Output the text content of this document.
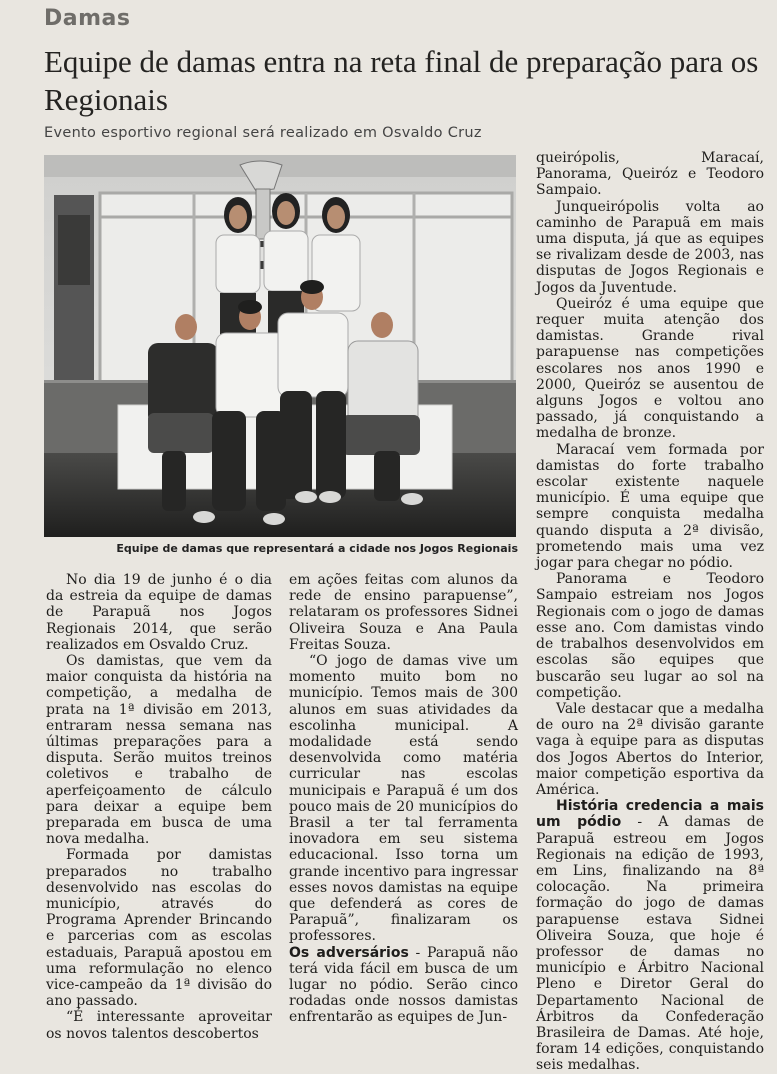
Damas
Equipe de damas entra na reta final de preparação para os Regionais
Evento esportivo regional será realizado em Osvaldo Cruz
Equipe de damas que representará a cidade nos Jogos Regionais

No dia 19 de junho é o dia da estreia da equipe de damas de Parapuã nos Jogos Regionais 2014, que serão realizados em Osvaldo Cruz.

Os damistas, que vem da maior conquista da história na competição, a medalha de prata na 1ª divisão em 2013, entraram nessa semana nas últimas preparações para a disputa. Serão muitos treinos coletivos e trabalho de aperfeiçoamento de cálculo para deixar a equipe bem preparada em busca de uma nova medalha.

Formada por damistas preparados no trabalho desenvolvido nas escolas do município, através do Programa Aprender Brincando e parcerias com as escolas estaduais, Parapuã apostou em uma reformulação no elenco vice-campeão da 1ª divisão do ano passado.

“É interessante aproveitar os novos talentos descobertos

em ações feitas com alunos da rede de ensino parapuense”, relataram os professores Sidnei Oliveira Souza e Ana Paula Freitas Souza.

“O jogo de damas vive um momento muito bom no município. Temos mais de 300 alunos em suas atividades da escolinha municipal. A modalidade está sendo desenvolvida como matéria curricular nas escolas municipais e Parapuã é um dos pouco mais de 20 municípios do Brasil a ter tal ferramenta inovadora em seu sistema educacional. Isso torna um grande incentivo para ingressar esses novos damistas na equipe que defenderá as cores de Parapuã”, finalizaram os professores.

Os adversários - Parapuã não terá vida fácil em busca de um lugar no pódio. Serão cinco rodadas onde nossos damistas enfrentarão as equipes de Jun-

queirópolis, Maracaí, Panorama, Queiróz e Teodoro Sampaio.

Junqueirópolis volta ao caminho de Parapuã em mais uma disputa, já que as equipes se rivalizam desde de 2003, nas disputas de Jogos Regionais e Jogos da Juventude.

Queiróz é uma equipe que requer muita atenção dos damistas. Grande rival parapuense nas competições escolares nos anos 1990 e 2000, Queiróz se ausentou de alguns Jogos e voltou ano passado, já conquistando a medalha de bronze.

Maracaí vem formada por damistas do forte trabalho escolar existente naquele município. É uma equipe que sempre conquista medalha quando disputa a 2ª divisão, prometendo mais uma vez jogar para chegar no pódio.

Panorama e Teodoro Sampaio estreiam nos Jogos Regionais com o jogo de damas esse ano. Com damistas vindo de trabalhos desenvolvidos em escolas são equipes que buscarão seu lugar ao sol na competição.

Vale destacar que a medalha de ouro na 2ª divisão garante vaga à equipe para as disputas dos Jogos Abertos do Interior, maior competição esportiva da América.

História credencia a mais um pódio - A damas de Parapuã estreou em Jogos Regionais na edição de 1993, em Lins, finalizando na 8ª colocação. Na primeira formação do jogo de damas parapuense estava Sidnei Oliveira Souza, que hoje é professor de damas no município e Árbitro Nacional Pleno e Diretor Geral do Departamento Nacional de Árbitros da Confederação Brasileira de Damas. Até hoje, foram 14 edições, conquistando seis medalhas.
